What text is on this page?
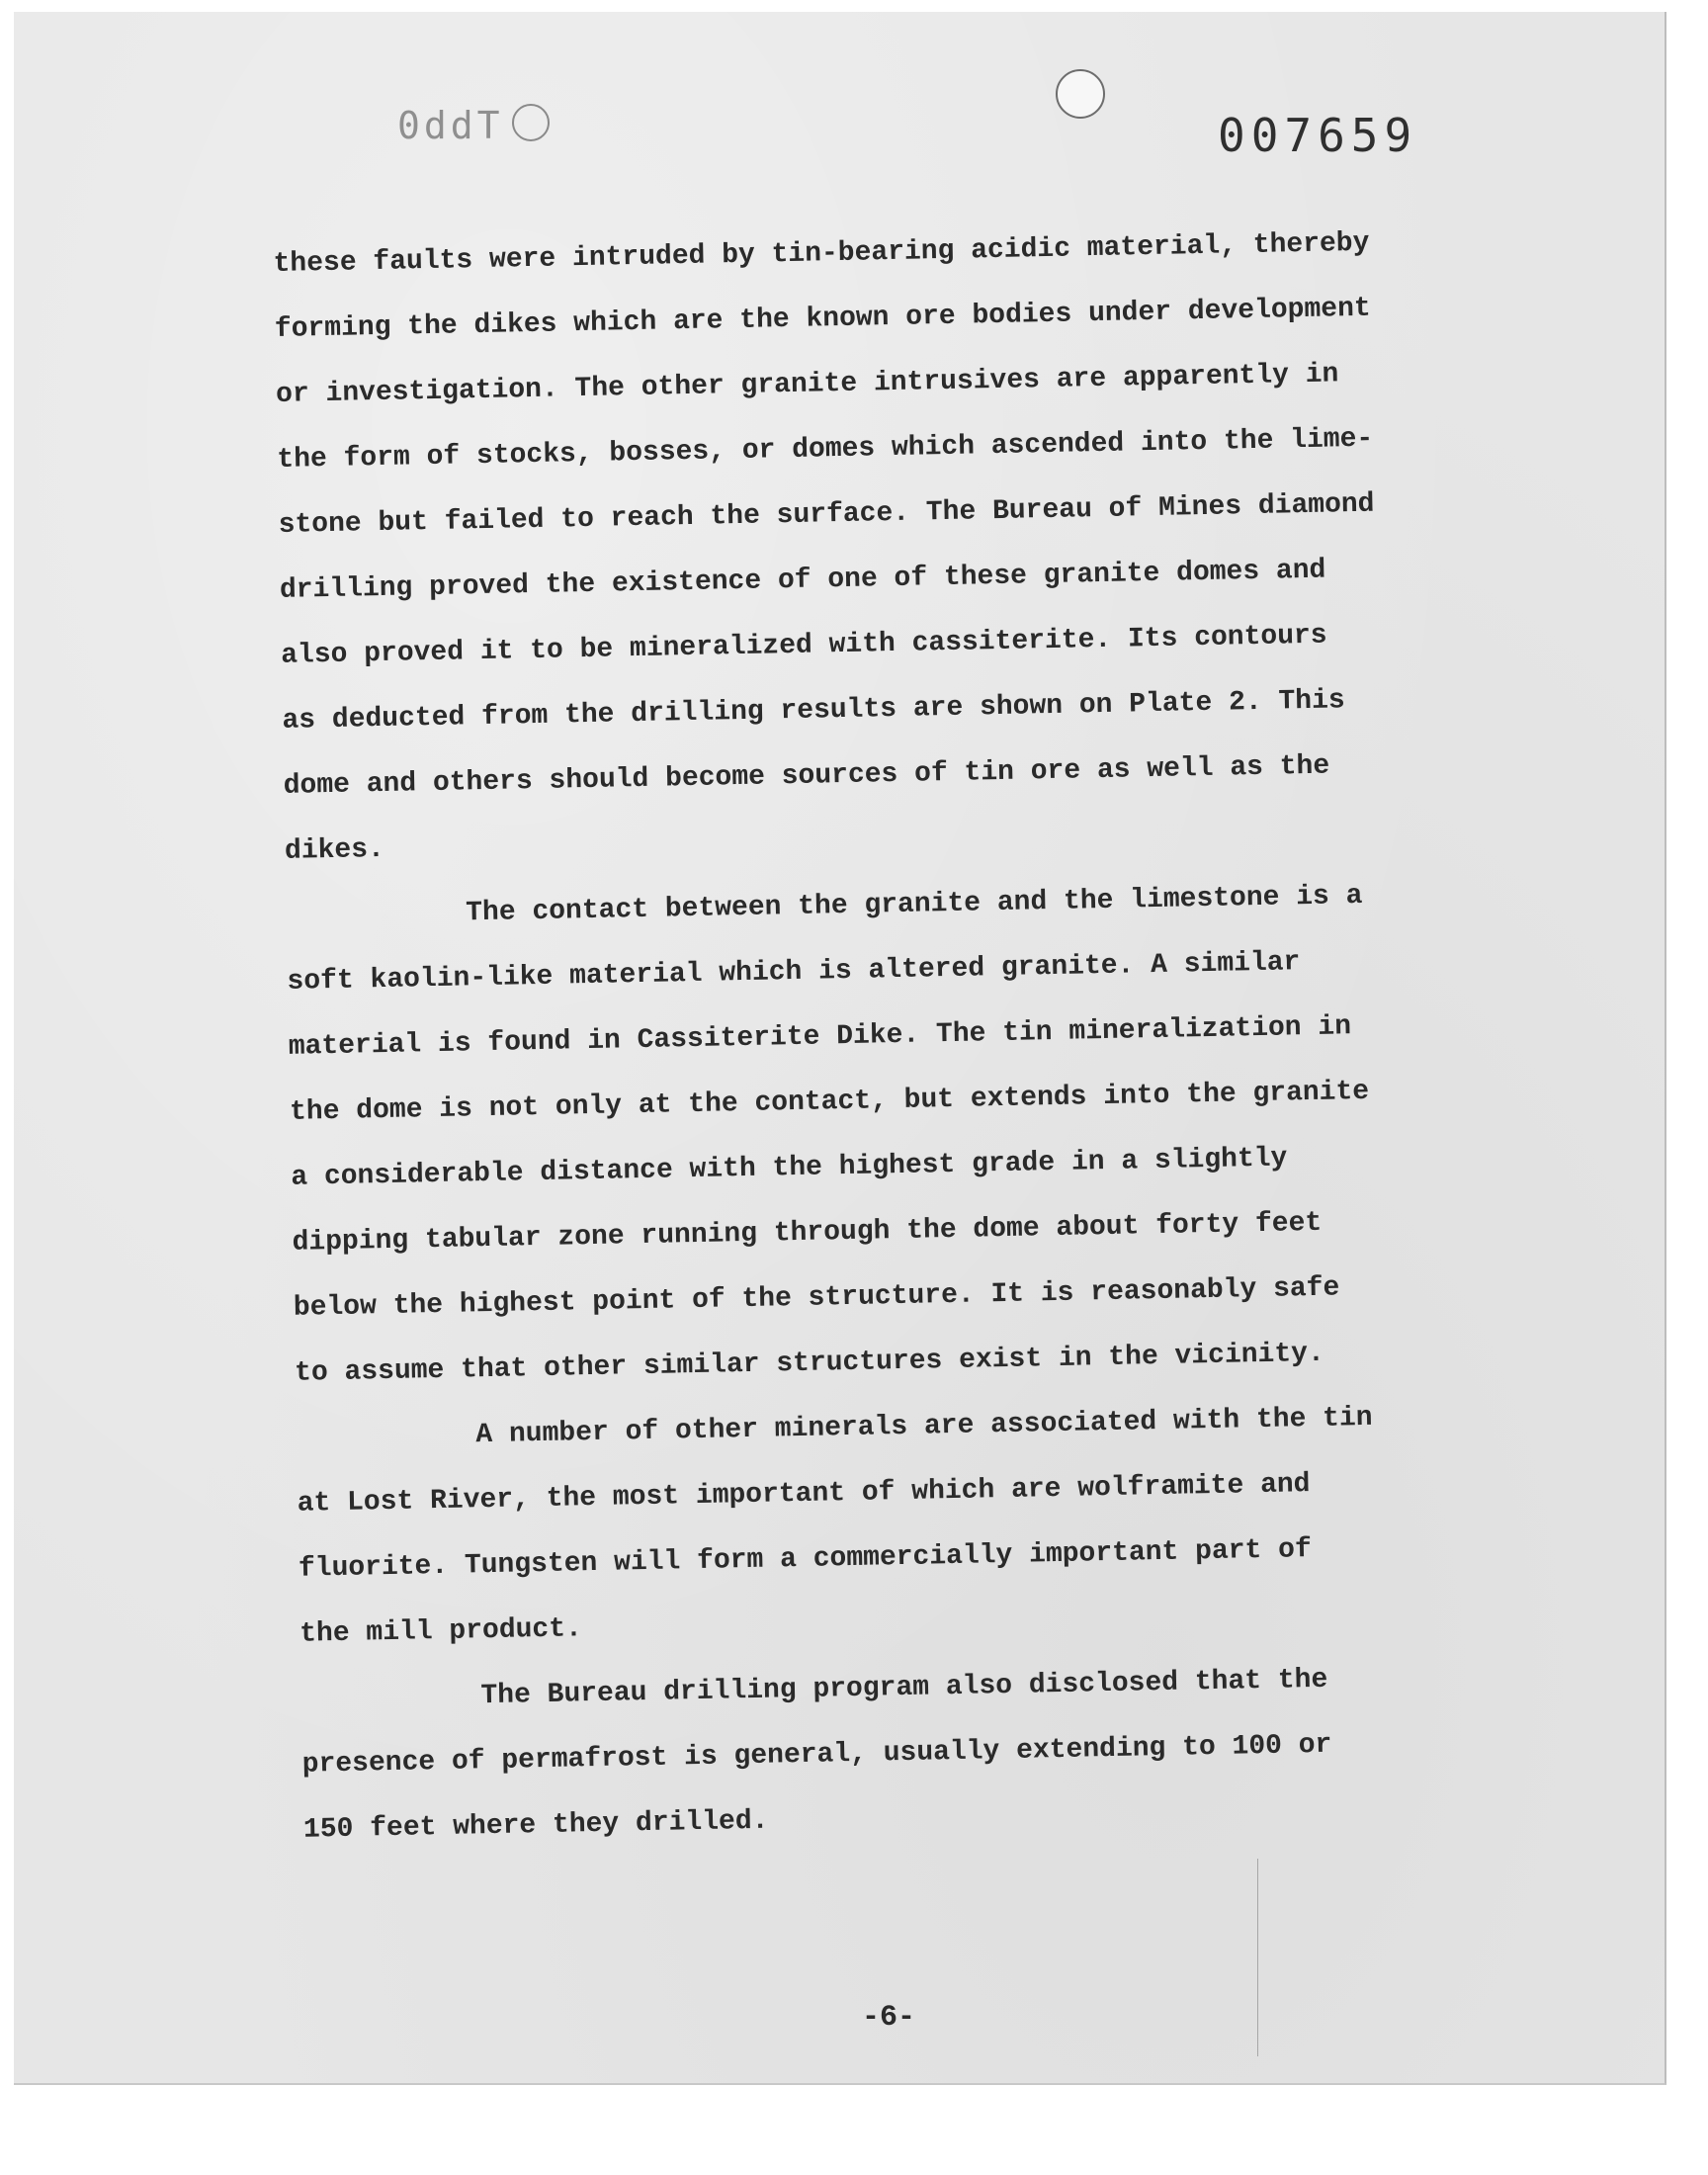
0ddT	007659
these faults were intruded by tin-bearing acidic material, thereby
forming the dikes which are the known ore bodies under development
or investigation. The other granite intrusives are apparently in
the form of stocks, bosses, or domes which ascended into the lime-
stone but failed to reach the surface. The Bureau of Mines diamond
drilling proved the existence of one of these granite domes and
also proved it to be mineralized with cassiterite. Its contours
as deducted from the drilling results are shown on Plate 2. This
dome and others should become sources of tin ore as well as the
dikes.
The contact between the granite and the limestone is a
soft kaolin-like material which is altered granite. A similar
material is found in Cassiterite Dike. The tin mineralization in
the dome is not only at the contact, but extends into the granite
a considerable distance with the highest grade in a slightly
dipping tabular zone running through the dome about forty feet
below the highest point of the structure. It is reasonably safe
to assume that other similar structures exist in the vicinity.
A number of other minerals are associated with the tin
at Lost River, the most important of which are wolframite and
fluorite. Tungsten will form a commercially important part of
the mill product.
The Bureau drilling program also disclosed that the
presence of permafrost is general, usually extending to 100 or
150 feet where they drilled.
-6-
